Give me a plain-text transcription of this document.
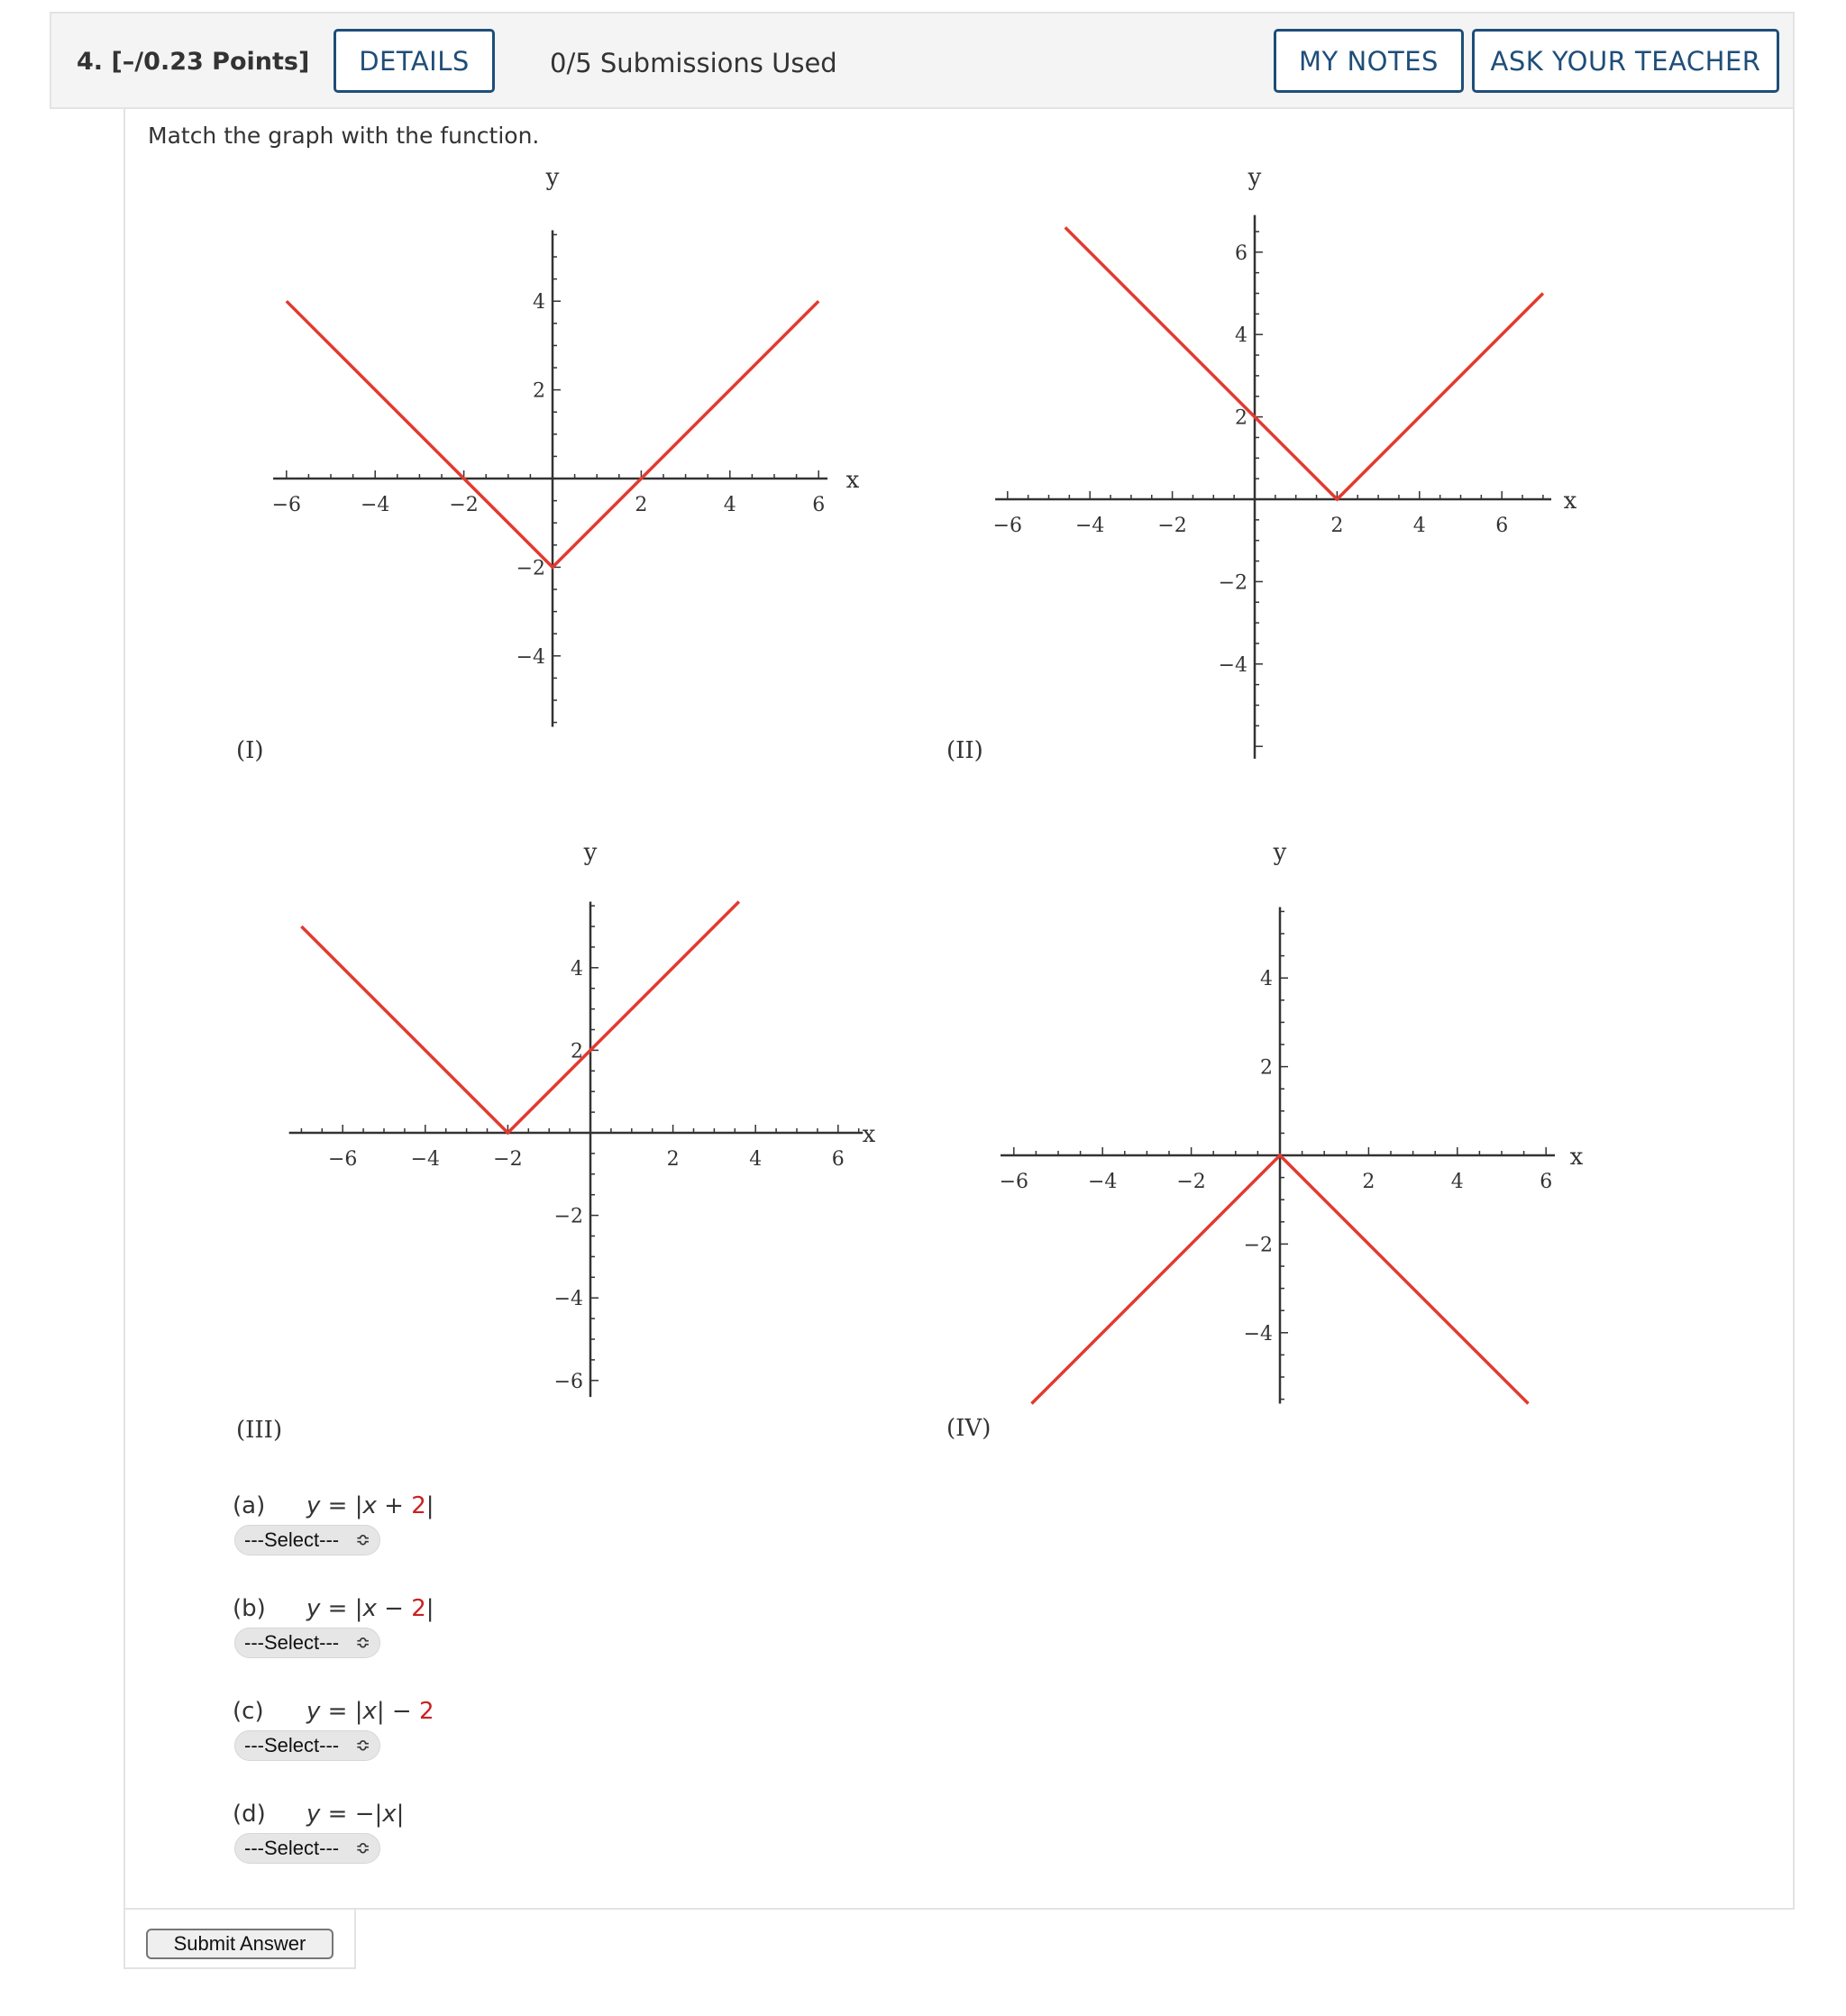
4. [–/0.23 Points]	DETAILS	0/5 Submissions Used	MY NOTES	ASK YOUR TEACHER
Match the graph with the function.
−6	−4	−2	2	4	6
4
2
−2
−4
x
y
−6	−4	−2	2	4	6
6
4
2
−2
−4
x
y
−6	−4	−2	2	4	6
4
2
−2
−4
−6
x
y
−6	−4	−2	2	4	6
4
2
−2
−4
x
y
(I)	(II)
(III)	(IV)
(a) y = |x + 2|
---Select--- ≎
(b) y = |x − 2|
---Select--- ≎
(c) y = |x| − 2
---Select--- ≎
(d) y = −|x|
---Select--- ≎
Submit Answer
